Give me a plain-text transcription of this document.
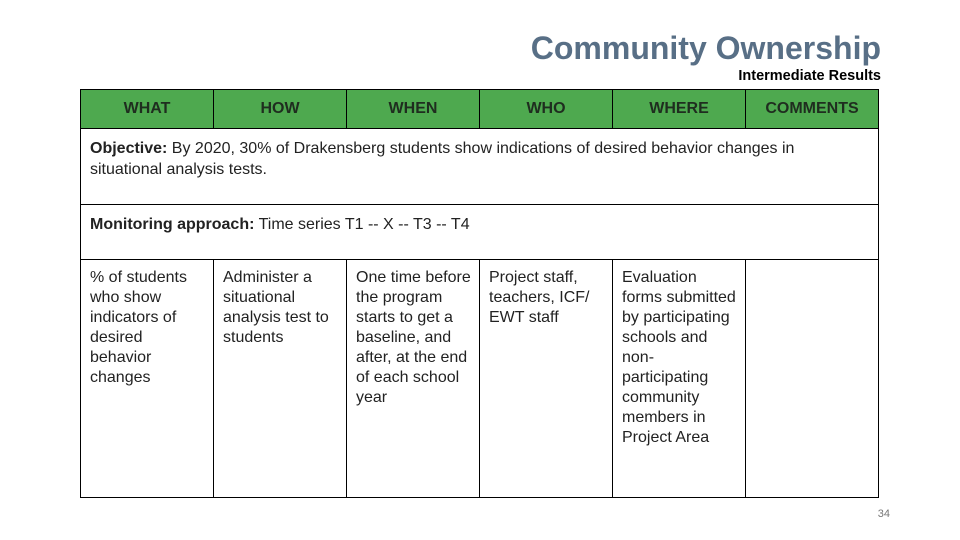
Community Ownership
Intermediate Results
WHAT	HOW	WHEN	WHO	WHERE	COMMENTS
Objective: By 2020, 30% of Drakensberg students show indications of desired behavior changes in situational analysis tests.					
Monitoring approach: Time series T1 -- X -- T3 -- T4					
% of students who show indicators of desired behavior changes	Administer a situational analysis test to students	One time before the program starts to get a baseline, and after, at the end of each school year	Project staff, teachers, ICF/ EWT staff	Evaluation forms submitted by participating schools and non-participating community members in Project Area	
34
